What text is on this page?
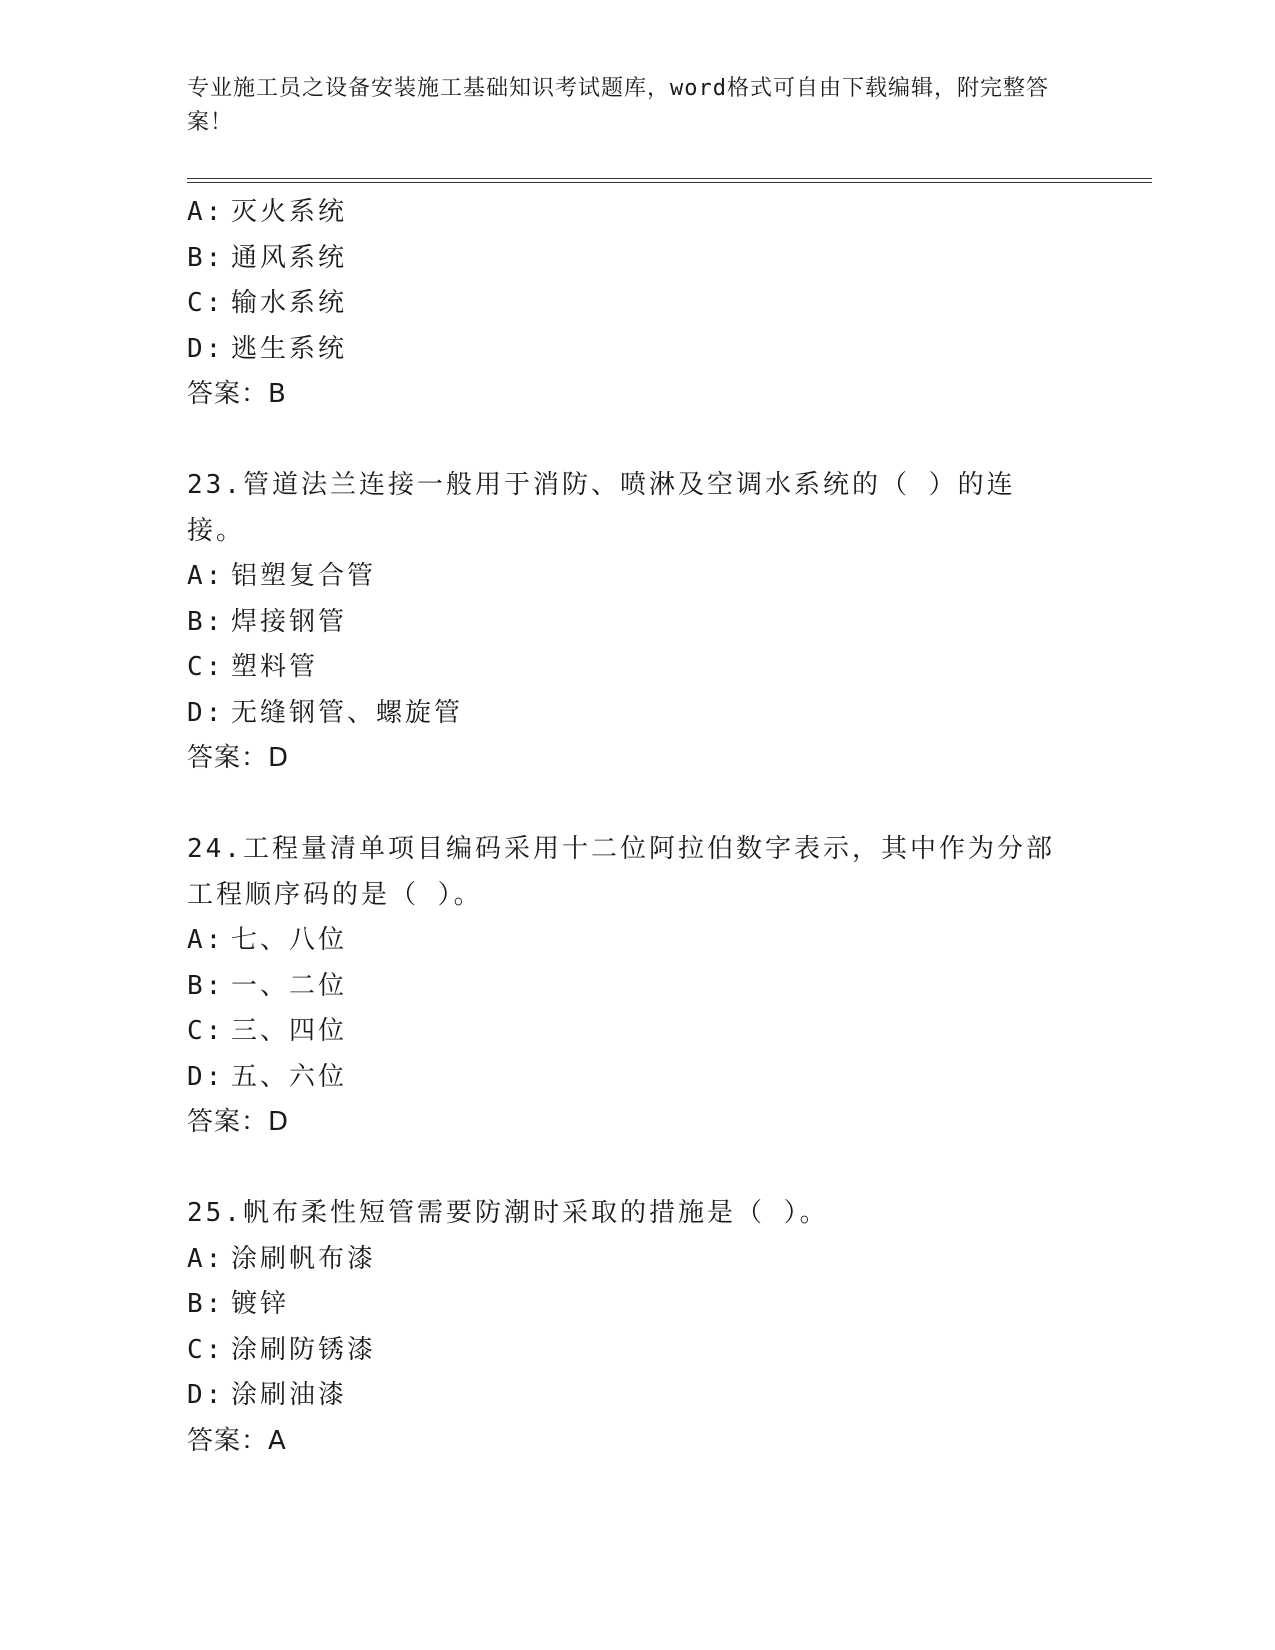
专业施工员之设备安装施工基础知识考试题库，word格式可自由下载编辑，附完整答案！
A: 灭火系统
B: 通风系统
C: 输水系统
D: 逃生系统
答案：B
23.管道法兰连接一般用于消防、喷淋及空调水系统的（ ）的连接。
A: 铝塑复合管
B: 焊接钢管
C: 塑料管
D: 无缝钢管、螺旋管
答案：D
24.工程量清单项目编码采用十二位阿拉伯数字表示，其中作为分部工程顺序码的是（ ）。
A: 七、八位
B: 一、二位
C: 三、四位
D: 五、六位
答案：D
25.帆布柔性短管需要防潮时采取的措施是（ ）。
A: 涂刷帆布漆
B: 镀锌
C: 涂刷防锈漆
D: 涂刷油漆
答案：A
